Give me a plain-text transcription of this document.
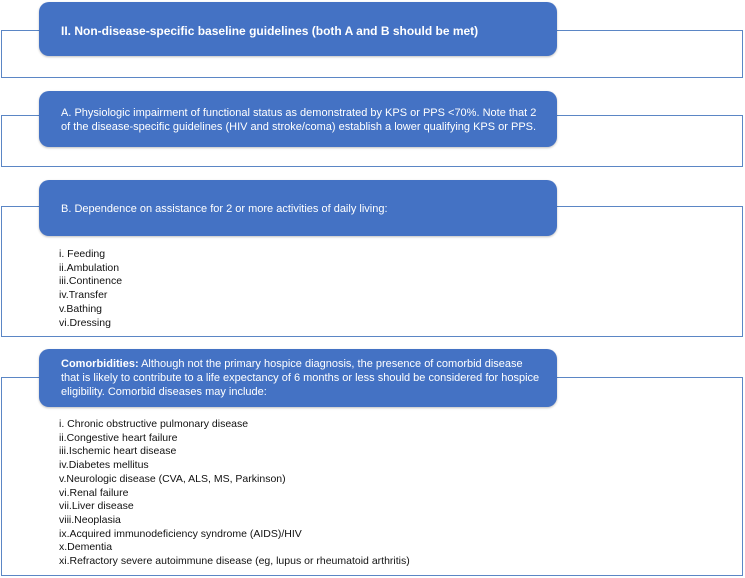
II. Non-disease-specific baseline guidelines (both A and B should be met)
A. Physiologic impairment of functional status as demonstrated by KPS or PPS <70%. Note that 2 of the disease-specific guidelines (HIV and stroke/coma) establish a lower qualifying KPS or PPS.
B. Dependence on assistance for 2 or more activities of daily living:
i. Feeding
ii.Ambulation
iii.Continence
iv.Transfer
v.Bathing
vi.Dressing
Comorbidities: Although not the primary hospice diagnosis, the presence of comorbid disease that is likely to contribute to a life expectancy of 6 months or less should be considered for hospice eligibility. Comorbid diseases may include:
i. Chronic obstructive pulmonary disease
ii.Congestive heart failure
iii.Ischemic heart disease
iv.Diabetes mellitus
v.Neurologic disease (CVA, ALS, MS, Parkinson)
vi.Renal failure
vii.Liver disease
viii.Neoplasia
ix.Acquired immunodeficiency syndrome (AIDS)/HIV
x.Dementia
xi.Refractory severe autoimmune disease (eg, lupus or rheumatoid arthritis)
